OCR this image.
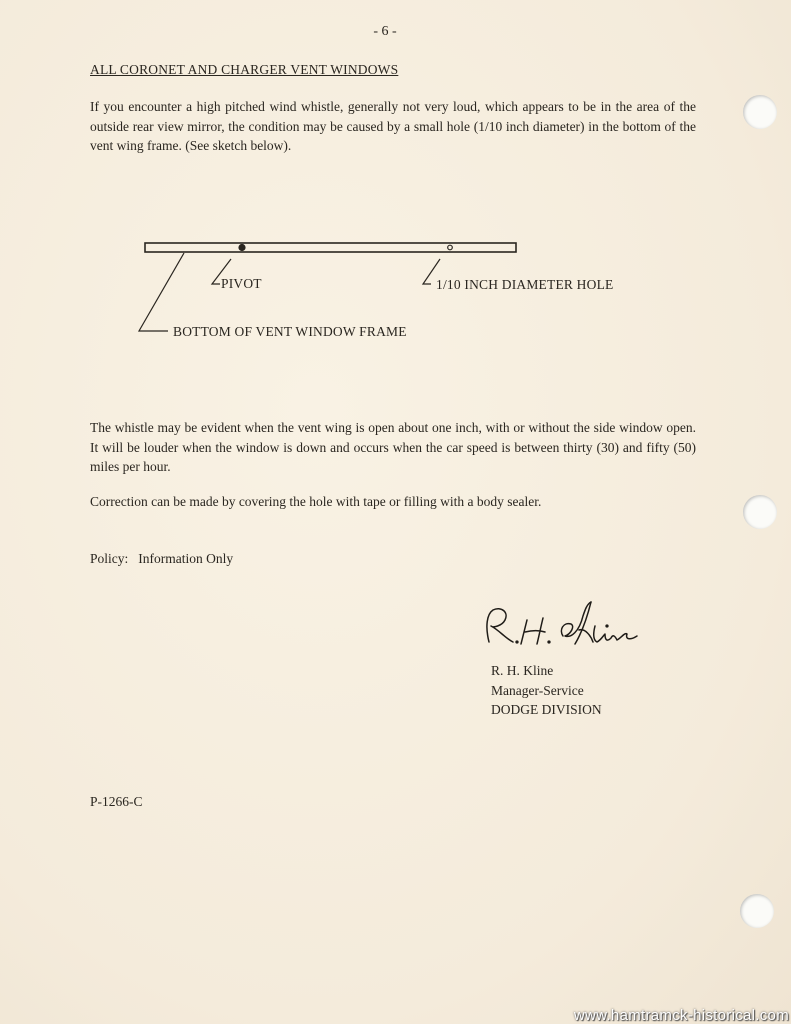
- 6 -
ALL CORONET AND CHARGER VENT WINDOWS
If you encounter a high pitched wind whistle, generally not very loud, which appears to be in the area of the outside rear view mirror, the condition may be caused by a small hole (1/10 inch diameter) in the bottom of the vent wing frame. (See sketch below).
PIVOT	1/10 INCH DIAMETER HOLE
BOTTOM OF VENT WINDOW FRAME
The whistle may be evident when the vent wing is open about one inch, with or without the side window open. It will be louder when the window is down and occurs when the car speed is between thirty (30) and fifty (50) miles per hour.
Correction can be made by covering the hole with tape or filling with a body sealer.
Policy: Information Only
R. H. Kline
Manager-Service
DODGE DIVISION
P-1266-C
www.hamtramck-historical.com
